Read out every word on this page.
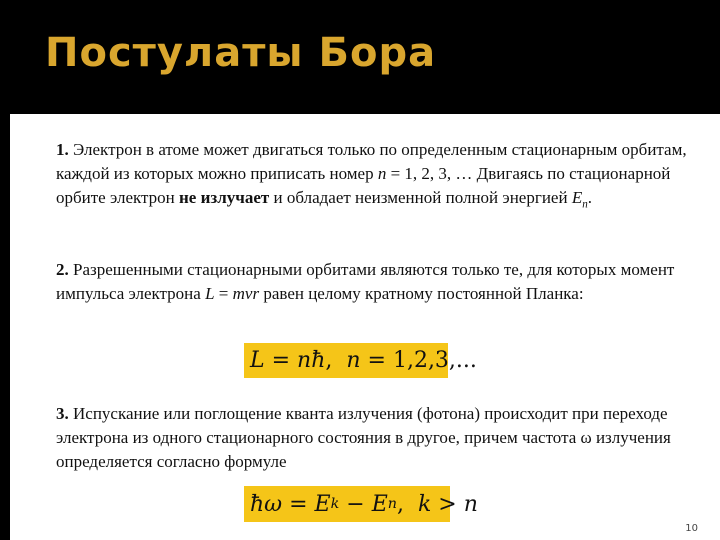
Постулаты Бора
1. Электрон в атоме может двигаться только по определенным стационарным орбитам, каждой из которых можно приписать номер n = 1, 2, 3, … Двигаясь по стационарной орбите электрон не излучает и обладает неизменной полной энергией $E_n$.
2. Разрешенными стационарными орбитами являются только те, для которых момент импульса электрона L = mvr равен целому кратному постоянной Планка:
L = n ħ , n = 1,2,3,...
3. Испускание или поглощение кванта излучения (фотона) происходит при переходе электрона из одного стационарного состояния в другое, причем частота ω излучения определяется согласно формуле
ħω = E k − E n , k > n
10
